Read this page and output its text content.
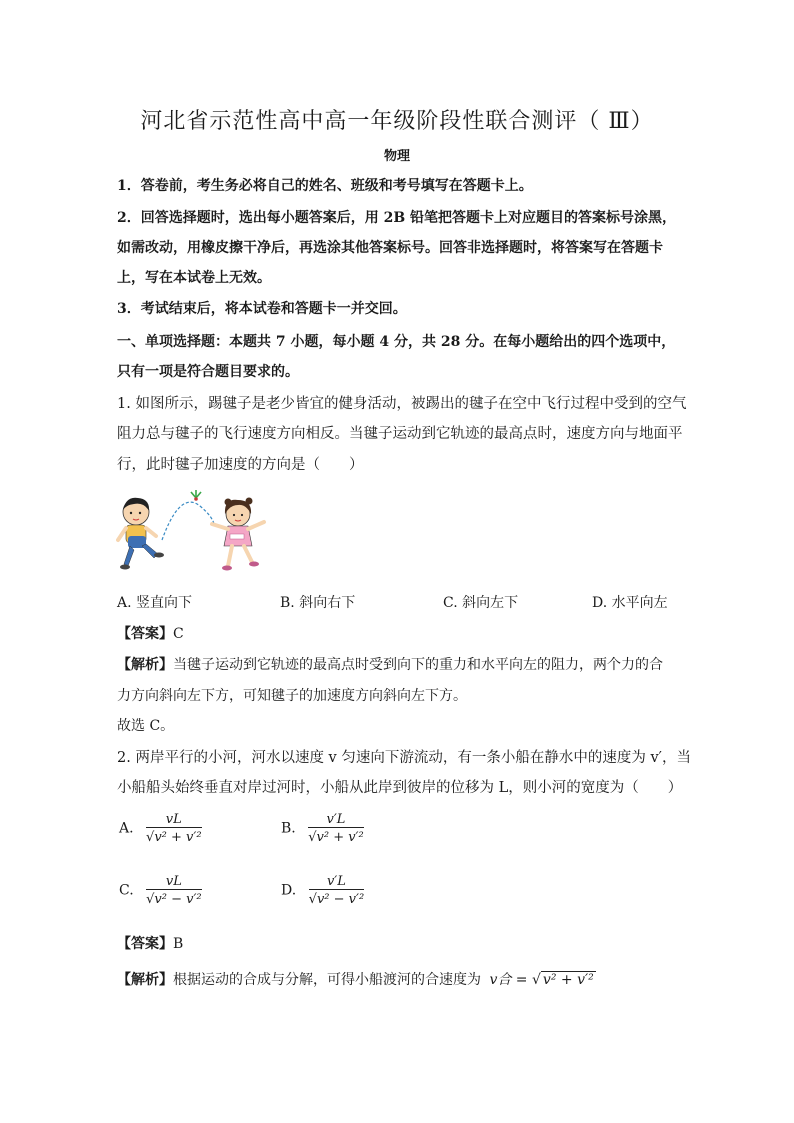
河北省示范性高中高一年级阶段性联合测评（ Ⅲ）
物理
1．答卷前，考生务必将自己的姓名、班级和考号填写在答题卡上。
2．回答选择题时，选出每小题答案后，用 2B 铅笔把答题卡上对应题目的答案标号涂黑，
如需改动，用橡皮擦干净后，再选涂其他答案标号。回答非选择题时，将答案写在答题卡
上，写在本试卷上无效。
3．考试结束后，将本试卷和答题卡一并交回。
一、单项选择题：本题共 7 小题，每小题 4 分，共 28 分。在每小题给出的四个选项中，
只有一项是符合题目要求的。
1. 如图所示，踢毽子是老少皆宜的健身活动，被踢出的毽子在空中飞行过程中受到的空气
阻力总与毽子的飞行速度方向相反。当毽子运动到它轨迹的最高点时，速度方向与地面平
行，此时毽子加速度的方向是（　　）
A. 竖直向下	B. 斜向右下	C. 斜向左下	D. 水平向左
【答案】C
【解析】当毽子运动到它轨迹的最高点时受到向下的重力和水平向左的阻力，两个力的合
力方向斜向左下方，可知毽子的加速度方向斜向左下方。
故选 C。
2. 两岸平行的小河，河水以速度 v 匀速向下游流动，有一条小船在静水中的速度为 v′，当
小船船头始终垂直对岸过河时，小船从此岸到彼岸的位移为 L，则小河的宽度为（　　）
A. $\frac{vL}{\text{√v² + v′²}}$	B. $\frac{v'L}{\text{√v² + v′²}}$
C. $\frac{vL}{\text{√v² − v′²}}$	D. $\frac{v'L}{\text{√v² − v′²}}$
【答案】B
【解析】根据运动的合成与分解，可得小船渡河的合速度为 v合 = √ v² + v′²
